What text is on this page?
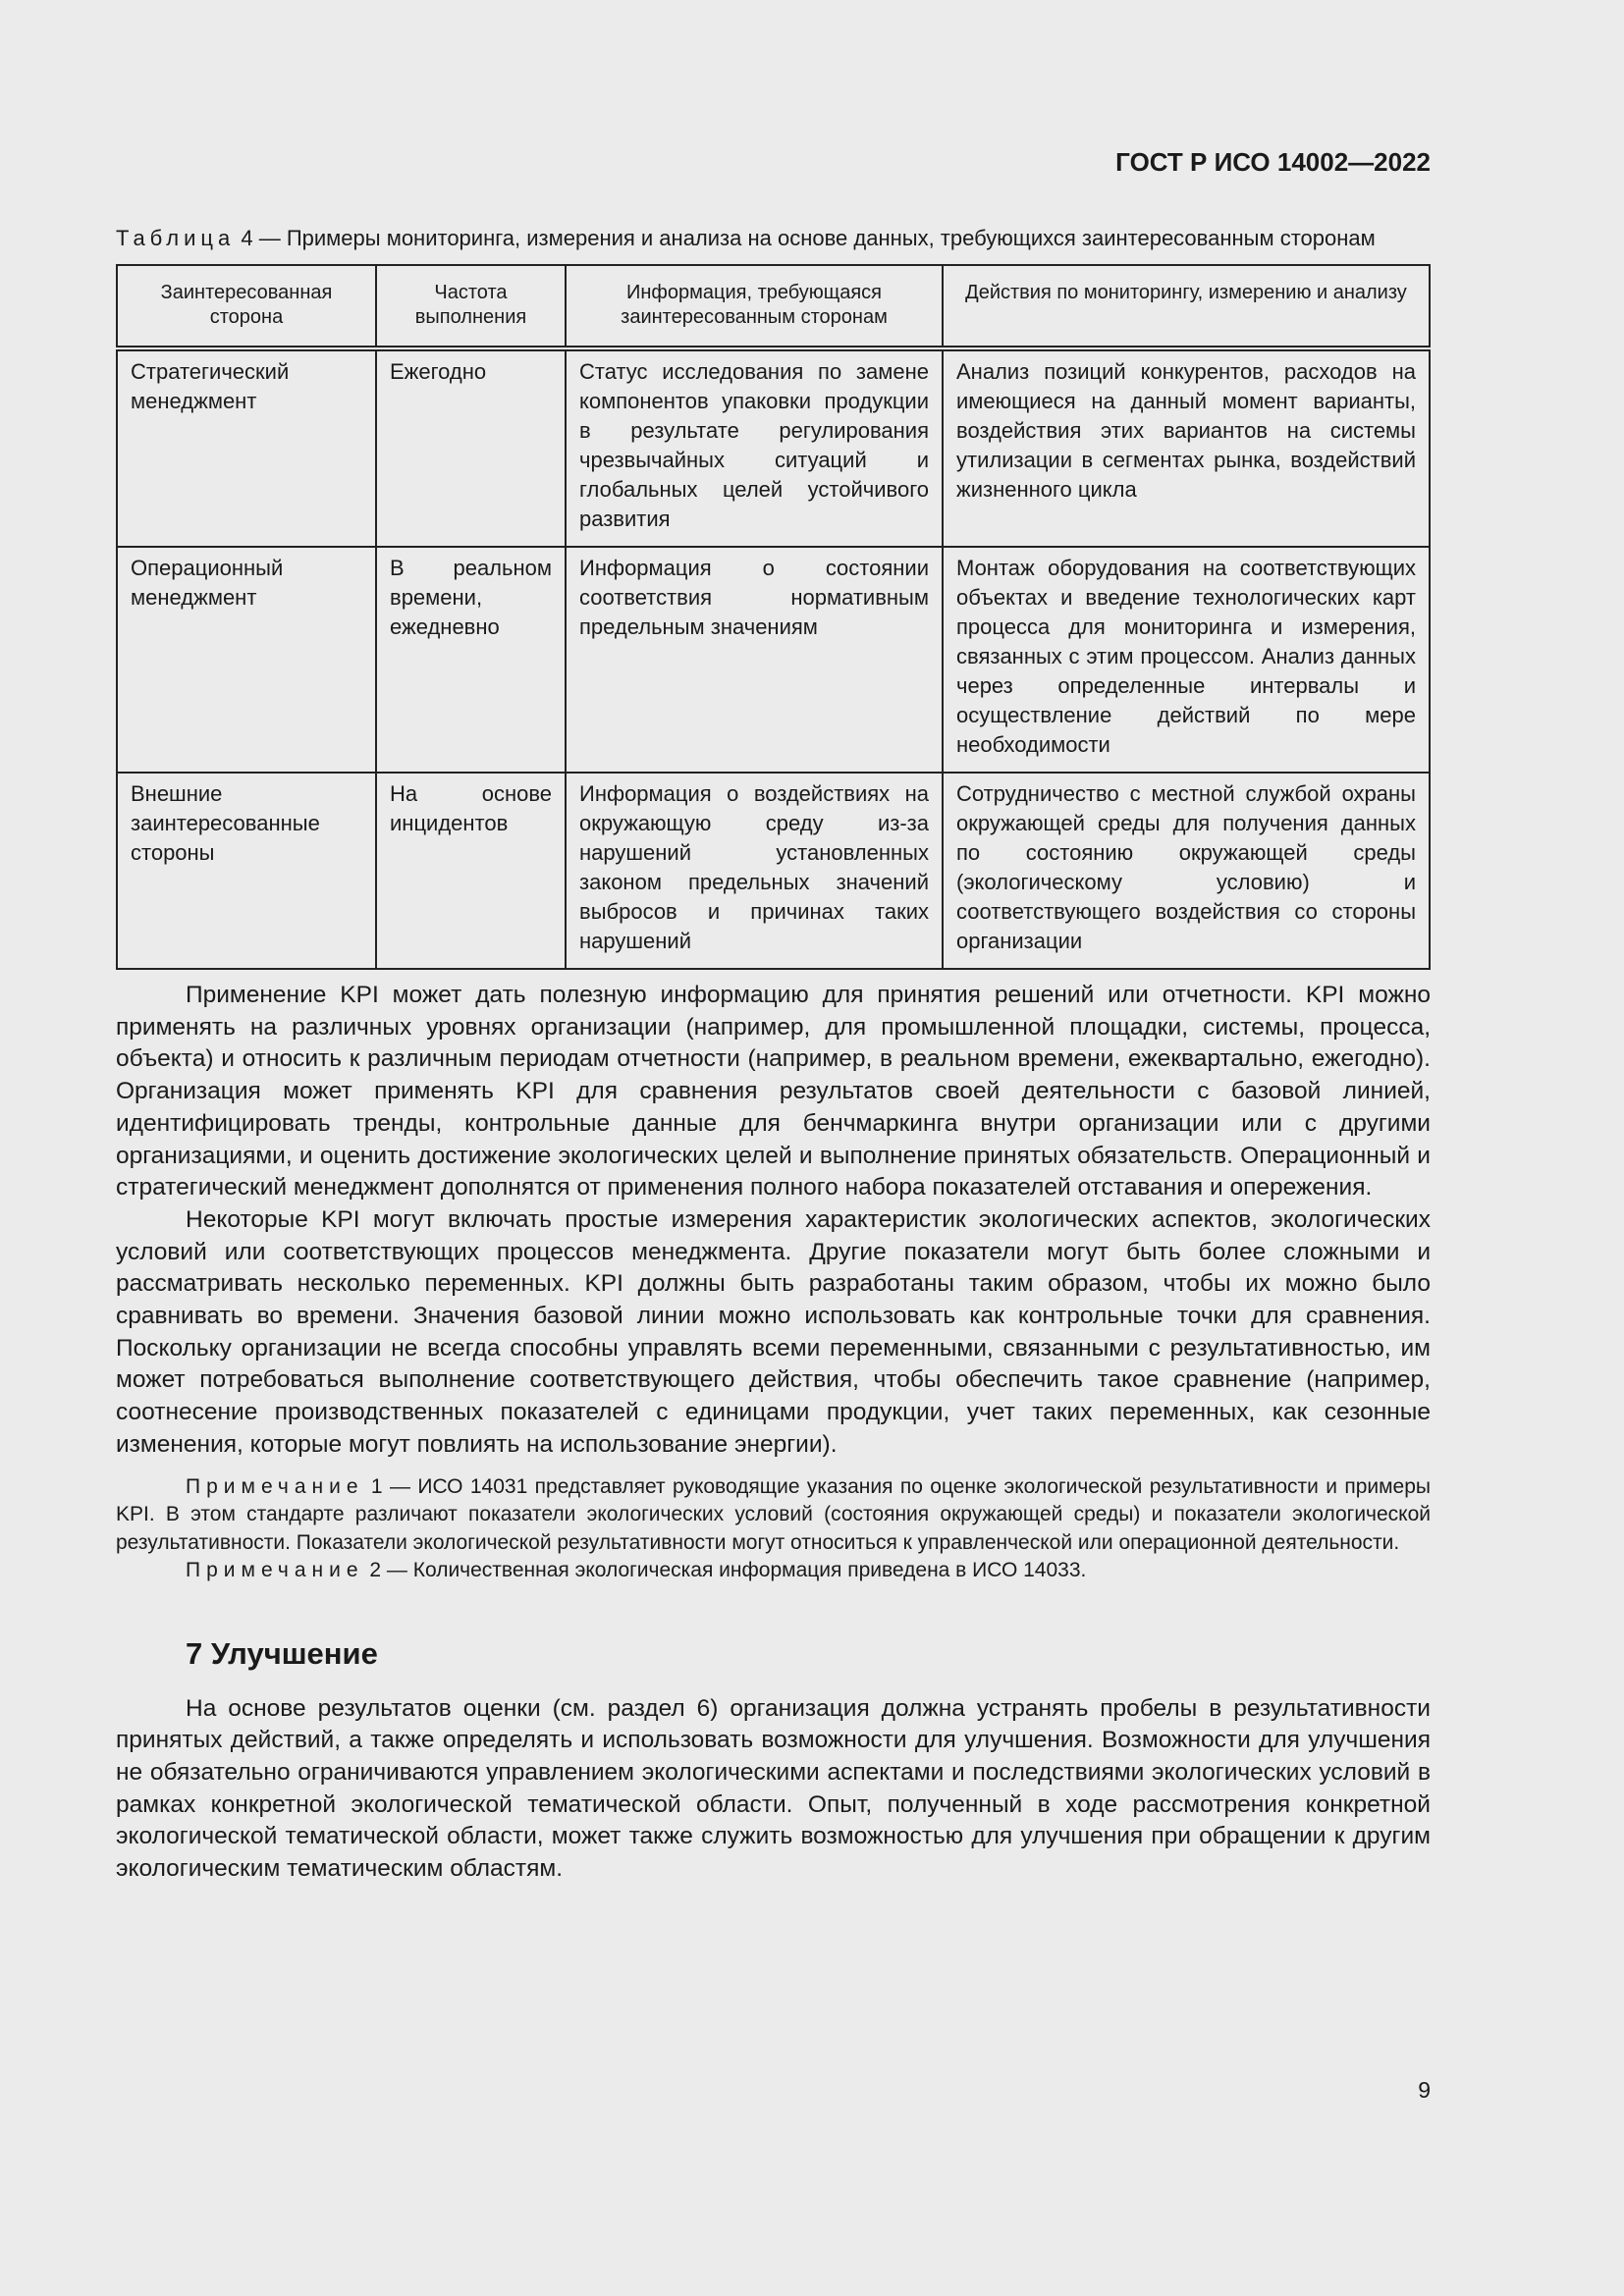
ГОСТ Р ИСО 14002—2022
Таблица 4 — Примеры мониторинга, измерения и анализа на основе данных, требующихся заинтересованным сторонам
Заинтересованная сторона	Частота выполнения	Информация, требующаяся заинтересованным сторонам	Действия по мониторингу, измерению и анализу
Стратегический менеджмент	Ежегодно	Статус исследования по замене компонентов упаковки продукции в результате регулирования чрезвычайных ситуаций и глобальных целей устойчивого развития	Анализ позиций конкурентов, расходов на имеющиеся на данный момент варианты, воздействия этих вариантов на системы утилизации в сегментах рынка, воздействий жизненного цикла
Операционный менеджмент	В реальном времени, ежедневно	Информация о состоянии соответствия нормативным предельным значениям	Монтаж оборудования на соответствующих объектах и введение технологических карт процесса для мониторинга и измерения, связанных с этим процессом. Анализ данных через определенные интервалы и осуществление действий по мере необходимости
Внешние заинтересованные стороны	На основе инцидентов	Информация о воздействиях на окружающую среду из-за нарушений установленных законом предельных значений выбросов и причинах таких нарушений	Сотрудничество с местной службой охраны окружающей среды для получения данных по состоянию окружающей среды (экологическому условию) и соответствующего воздействия со стороны организации

Применение KPI может дать полезную информацию для принятия решений или отчетности. KPI можно применять на различных уровнях организации (например, для промышленной площадки, системы, процесса, объекта) и относить к различным периодам отчетности (например, в реальном времени, ежеквартально, ежегодно). Организация может применять KPI для сравнения результатов своей деятельности с базовой линией, идентифицировать тренды, контрольные данные для бенчмаркинга внутри организации или с другими организациями, и оценить достижение экологических целей и выполнение принятых обязательств. Операционный и стратегический менеджмент дополнятся от применения полного набора показателей отставания и опережения.

Некоторые KPI могут включать простые измерения характеристик экологических аспектов, экологических условий или соответствующих процессов менеджмента. Другие показатели могут быть более сложными и рассматривать несколько переменных. KPI должны быть разработаны таким образом, чтобы их можно было сравнивать во времени. Значения базовой линии можно использовать как контрольные точки для сравнения. Поскольку организации не всегда способны управлять всеми переменными, связанными с результативностью, им может потребоваться выполнение соответствующего действия, чтобы обеспечить такое сравнение (например, соотнесение производственных показателей с единицами продукции, учет таких переменных, как сезонные изменения, которые могут повлиять на использование энергии).

Примечание 1 — ИСО 14031 представляет руководящие указания по оценке экологической результативности и примеры KPI. В этом стандарте различают показатели экологических условий (состояния окружающей среды) и показатели экологической результативности. Показатели экологической результативности могут относиться к управленческой или операционной деятельности.

Примечание 2 — Количественная экологическая информация приведена в ИСО 14033.

7 Улучшение

На основе результатов оценки (см. раздел 6) организация должна устранять пробелы в результативности принятых действий, а также определять и использовать возможности для улучшения. Возможности для улучшения не обязательно ограничиваются управлением экологическими аспектами и последствиями экологических условий в рамках конкретной экологической тематической области. Опыт, полученный в ходе рассмотрения конкретной экологической тематической области, может также служить возможностью для улучшения при обращении к другим экологическим тематическим областям.

9
